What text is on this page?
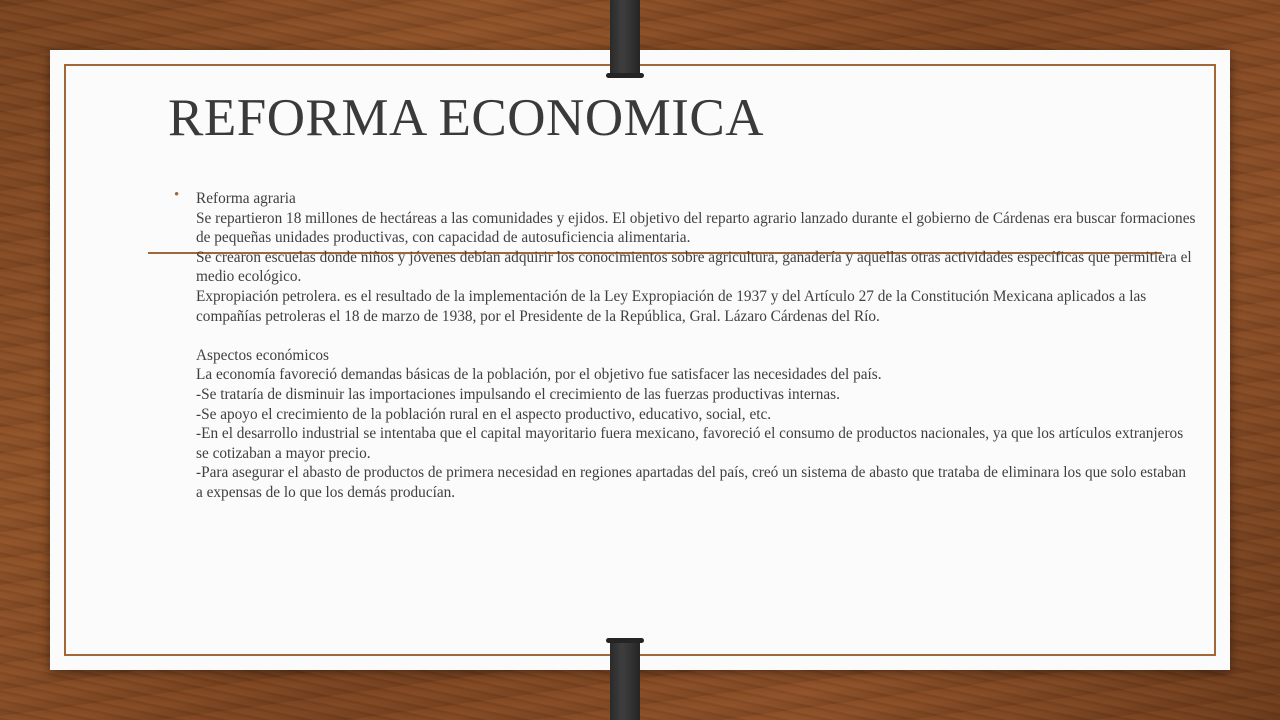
REFORMA ECONOMICA
• Reforma agraria

Se repartieron 18 millones de hectáreas a las comunidades y ejidos. El objetivo del reparto agrario lanzado durante el gobierno de Cárdenas era buscar formaciones de pequeñas unidades productivas, con capacidad de autosuficiencia alimentaria.

Se crearon escuelas donde niños y jóvenes debían adquirir los conocimientos sobre agricultura, ganadería y aquellas otras actividades específicas que permitiera el medio ecológico.

Expropiación petrolera. es el resultado de la implementación de la Ley Expropiación de 1937 y del Artículo 27 de la Constitución Mexicana aplicados a las compañías petroleras el 18 de marzo de 1938, por el Presidente de la República, Gral. Lázaro Cárdenas del Río.

Aspectos económicos

La economía favoreció demandas básicas de la población, por el objetivo fue satisfacer las necesidades del país.

-Se trataría de disminuir las importaciones impulsando el crecimiento de las fuerzas productivas internas.

-Se apoyo el crecimiento de la población rural en el aspecto productivo, educativo, social, etc.

-En el desarrollo industrial se intentaba que el capital mayoritario fuera mexicano, favoreció el consumo de productos nacionales, ya que los artículos extranjeros se cotizaban a mayor precio.

-Para asegurar el abasto de productos de primera necesidad en regiones apartadas del país, creó un sistema de abasto que trataba de eliminara los que solo estaban a expensas de lo que los demás producían.
